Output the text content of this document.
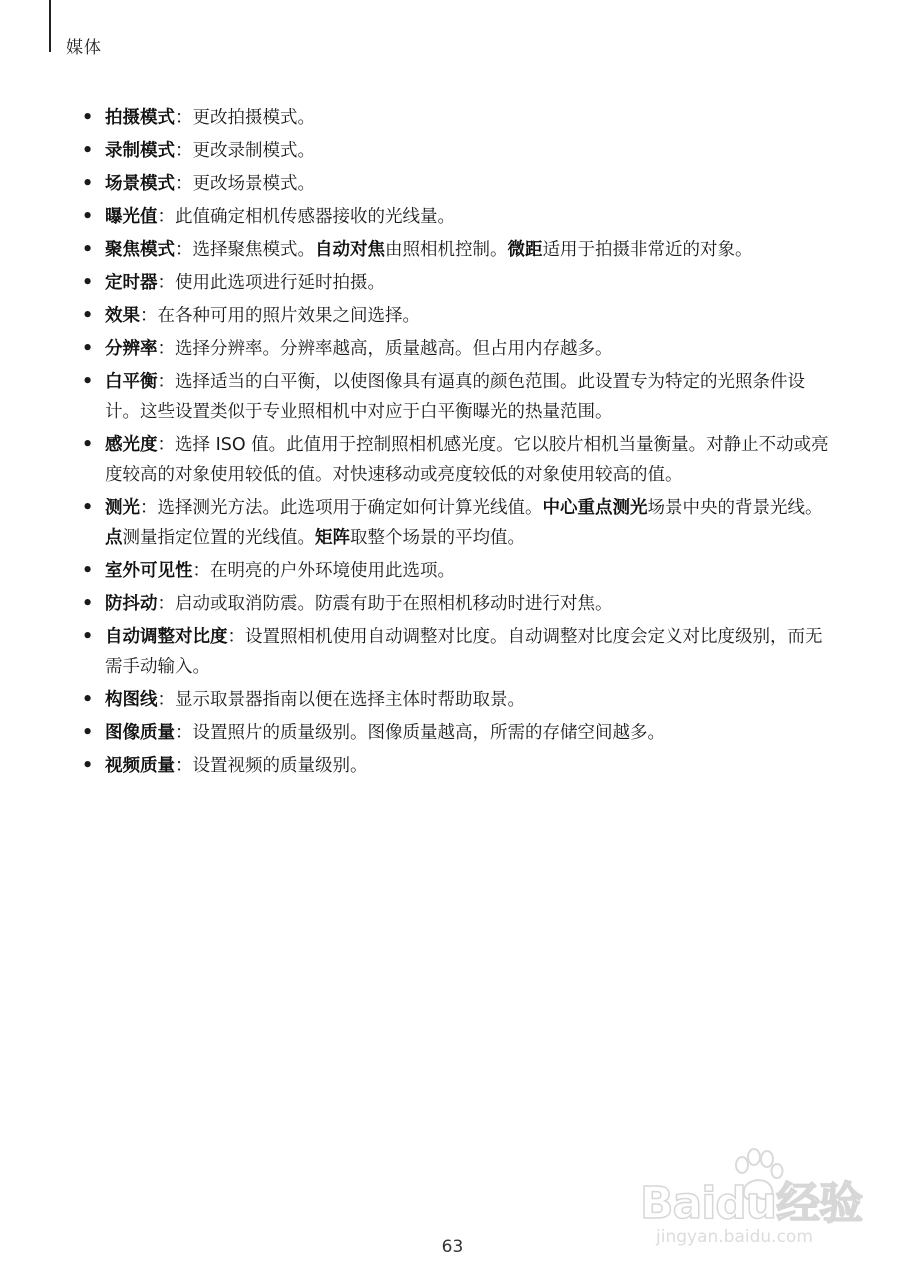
媒体
• 拍摄模式：更改拍摄模式。
• 录制模式：更改录制模式。
• 场景模式：更改场景模式。
• 曝光值：此值确定相机传感器接收的光线量。
• 聚焦模式：选择聚焦模式。自动对焦由照相机控制。微距适用于拍摄非常近的对象。
• 定时器：使用此选项进行延时拍摄。
• 效果：在各种可用的照片效果之间选择。
• 分辨率：选择分辨率。分辨率越高，质量越高。但占用内存越多。
• 白平衡：选择适当的白平衡，以使图像具有逼真的颜色范围。此设置专为特定的光照条件设计。这些设置类似于专业照相机中对应于白平衡曝光的热量范围。
• 感光度：选择 ISO 值。此值用于控制照相机感光度。它以胶片相机当量衡量。对静止不动或亮度较高的对象使用较低的值。对快速移动或亮度较低的对象使用较高的值。
• 测光：选择测光方法。此选项用于确定如何计算光线值。中心重点测光场景中央的背景光线。点测量指定位置的光线值。矩阵取整个场景的平均值。
• 室外可见性：在明亮的户外环境使用此选项。
• 防抖动：启动或取消防震。防震有助于在照相机移动时进行对焦。
• 自动调整对比度：设置照相机使用自动调整对比度。自动调整对比度会定义对比度级别，而无需手动输入。
• 构图线：显示取景器指南以便在选择主体时帮助取景。
• 图像质量：设置照片的质量级别。图像质量越高，所需的存储空间越多。
• 视频质量：设置视频的质量级别。
Baidu经验
jingyan.baidu.com
63
